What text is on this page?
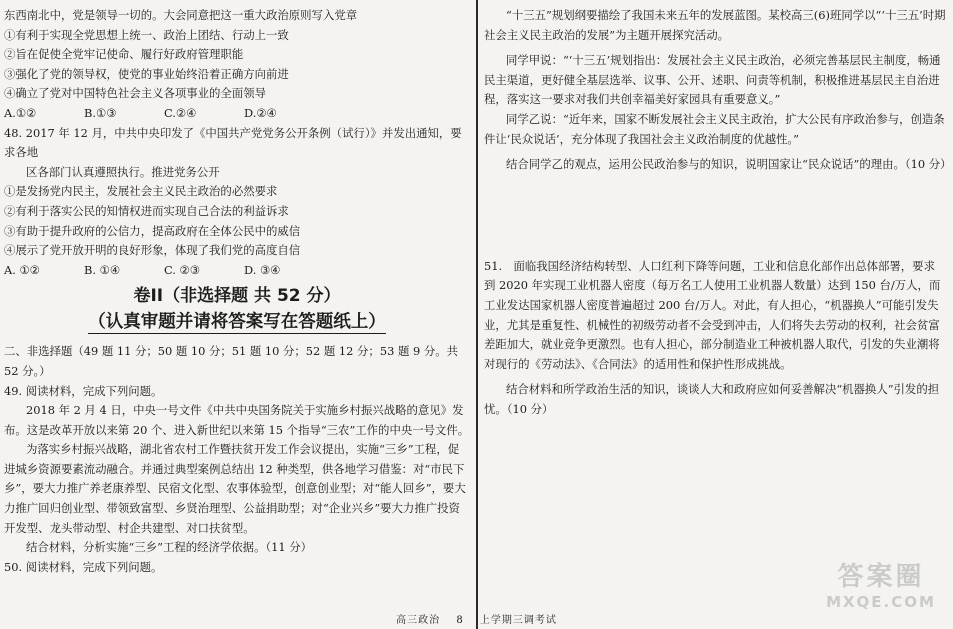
东西南北中，党是领导一切的。大会同意把这一重大政治原则写入党章

①有利于实现全党思想上统一、政治上团结、行动上一致

②旨在促使全党牢记使命、履行好政府管理职能

③强化了党的领导权，使党的事业始终沿着正确方向前进

④确立了党对中国特色社会主义各项事业的全面领导

A.①②	B.①③	C.②④	D.②④

48. 2017 年 12 月，中共中央印发了《中国共产党党务公开条例（试行）》并发出通知，要求各地

区各部门认真遵照执行。推进党务公开

①是发扬党内民主，发展社会主义民主政治的必然要求

②有利于落实公民的知情权进而实现自己合法的利益诉求

③有助于提升政府的公信力，提高政府在全体公民中的威信

④展示了党开放开明的良好形象，体现了我们党的高度自信

A. ①②	B. ①④	C. ②③	D. ③④
卷II（非选择题 共 52 分）
（认真审题并请将答案写在答题纸上）

二、非选择题（49 题 11 分；50 题 10 分；51 题 10 分；52 题 12 分；53 题 9 分。共 52 分。）

49. 阅读材料，完成下列问题。

2018 年 2 月 4 日，中央一号文件《中共中央国务院关于实施乡村振兴战略的意见》发布。这是改革开放以来第 20 个、进入新世纪以来第 15 个指导“三农”工作的中央一号文件。

为落实乡村振兴战略，湖北省农村工作暨扶贫开发工作会议提出，实施“三乡”工程，促进城乡资源要素流动融合。并通过典型案例总结出 12 种类型，供各地学习借鉴：对“市民下乡”，要大力推广养老康养型、民宿文化型、农事体验型，创意创业型；对“能人回乡”，要大力推广回归创业型、带领致富型、乡贤治理型、公益捐助型；对“企业兴乡”要大力推广投资开发型、龙头带动型、村企共建型、对口扶贫型。

结合材料，分析实施“三乡”工程的经济学依据。（11 分）

50. 阅读材料，完成下列问题。

“十三五”规划纲要描绘了我国未来五年的发展蓝图。某校高三(6)班同学以“‘十三五’时期社会主义民主政治的发展”为主题开展探究活动。

同学甲说：“‘十三五’规划指出：发展社会主义民主政治，必须完善基层民主制度，畅通民主渠道，更好健全基层选举、议事、公开、述职、问责等机制，积极推进基层民主自治进程，落实这一要求对我们共创幸福美好家园具有重要意义。”

同学乙说：“近年来，国家不断发展社会主义民主政治，扩大公民有序政治参与，创造条件让‘民众说话’，充分体现了我国社会主义政治制度的优越性。”

结合同学乙的观点，运用公民政治参与的知识，说明国家让“民众说话”的理由。（10 分）

51.　面临我国经济结构转型、人口红利下降等问题，工业和信息化部作出总体部署，要求到 2020 年实现工业机器人密度（每万名工人使用工业机器人数量）达到 150 台/万人，而工业发达国家机器人密度普遍超过 200 台/万人。对此，有人担心，“机器换人”可能引发失业，尤其是重复性、机械性的初级劳动者不会受到冲击，人们将失去劳动的权利，社会贫富差距加大，就业竞争更激烈。也有人担心，部分制造业工种被机器人取代，引发的失业潮将对现行的《劳动法》、《合同法》的适用性和保护性形成挑战。

结合材料和所学政治生活的知识，谈谈人大和政府应如何妥善解决“机器换人”引发的担忧。（10 分）

高三政治 8 上学期三调考试
答案圈
MXQE.COM
